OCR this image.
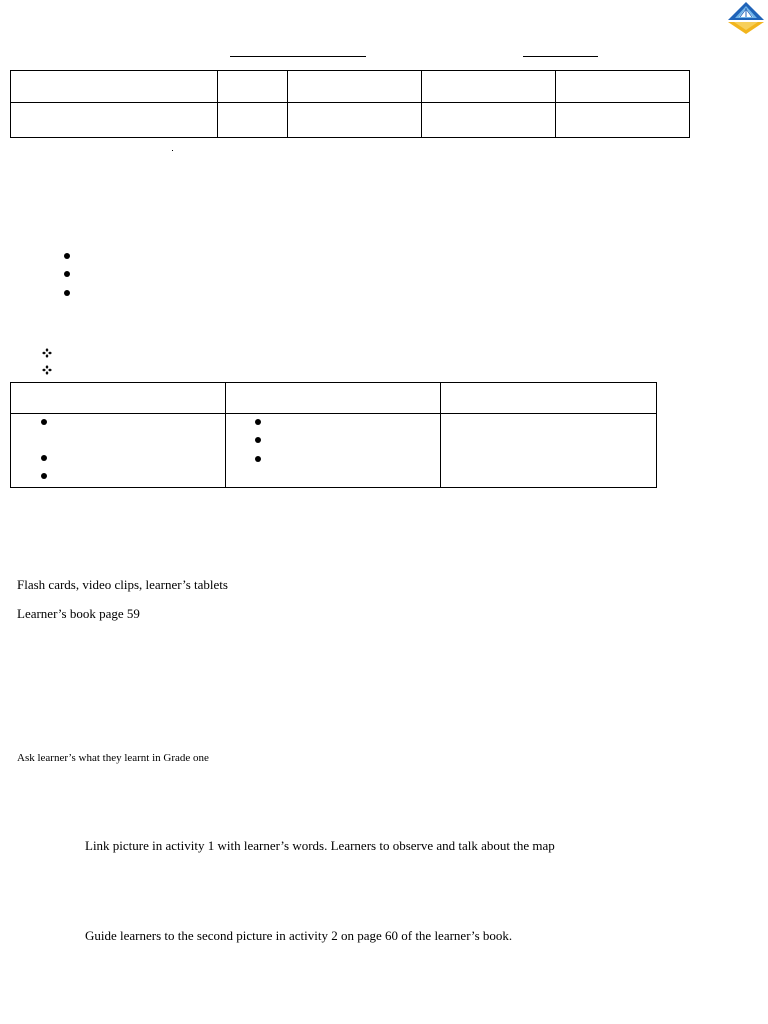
Flash cards, video clips, learner’s tablets
Learner’s book page 59
Ask learner’s what they learnt in Grade one
Link picture in activity 1 with learner’s words. Learners to observe and talk about the map
Guide learners to the second picture in activity 2 on page 60 of the learner’s book.
